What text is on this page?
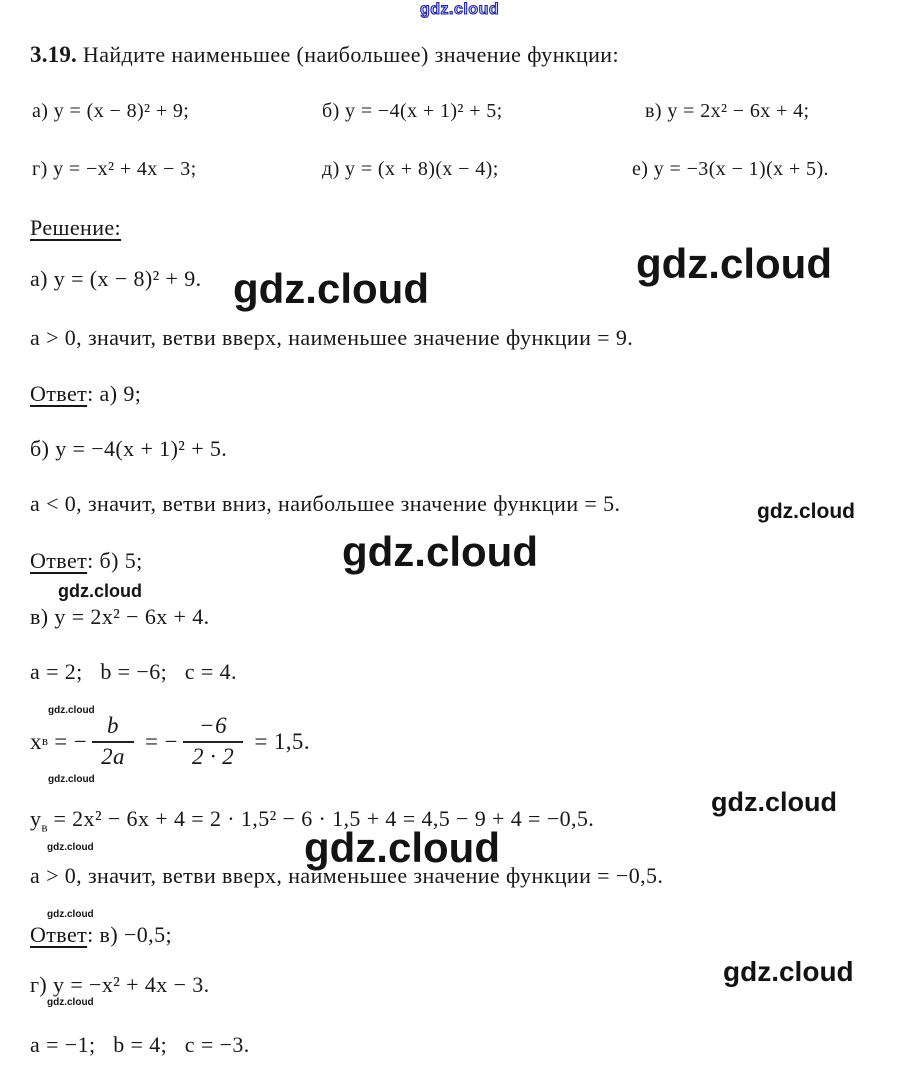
gdz.cloud
gdz.cloud
gdz.cloud
gdz.cloud
gdz.cloud
gdz.cloud
gdz.cloud
gdz.cloud
gdz.cloud
gdz.cloud
gdz.cloud
gdz.cloud
gdz.cloud
gdz.cloud
3.19. Найдите наименьшее (наибольшее) значение функции:
а) y = (x − 8)² + 9;	б) y = −4(x + 1)² + 5;	в) y = 2x² − 6x + 4;
г) y = −x² + 4x − 3;	д) y = (x + 8)(x − 4);	е) y = −3(x − 1)(x + 5).
Решение:
а) y = (x − 8)² + 9.
a > 0, значит, ветви вверх, наименьшее значение функции = 9.
Ответ: а) 9;
б) y = −4(x + 1)² + 5.
a < 0, значит, ветви вниз, наибольшее значение функции = 5.
Ответ: б) 5;
в) y = 2x² − 6x + 4.
a = 2;   b = −6;   c = 4.
x в = − $\frac{b}{2a}$ = − $\frac{-6}{2 \cdot 2} = 1,5$.
$y_в = 2x^2 - 6x + 4 = 2 \cdot 1,5^2 - 6 \cdot 1,5 + 4 = 4,5 - 9 + 4 = -0,5$.
a > 0, значит, ветви вверх, наименьшее значение функции = −0,5.
Ответ: в) −0,5;
г) y = −x² + 4x − 3.
a = −1;   b = 4;   c = −3.
